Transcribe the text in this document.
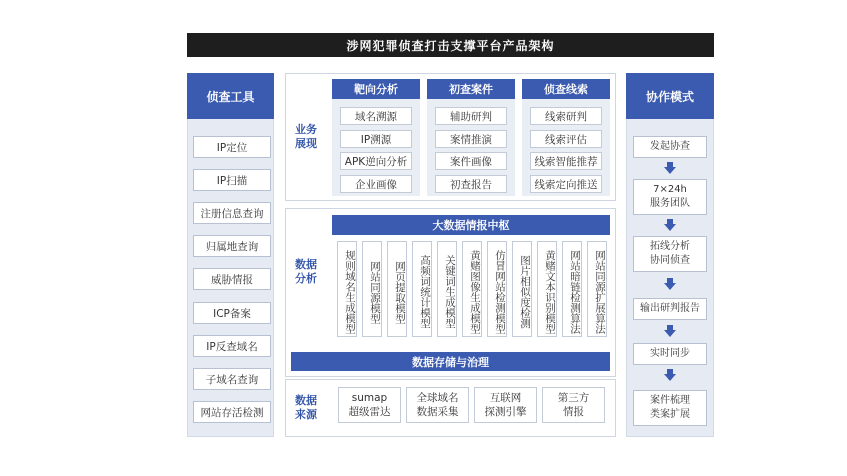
涉网犯罪侦查打击支撑平台产品架构
侦查工具
IP定位
IP扫描
注册信息查询
归属地查询
威胁情报
ICP备案
IP反查域名
子域名查询
网站存活检测
协作模式
发起协查
7×24h
服务团队
拓线分析
协同侦查
输出研判报告
实时同步
案件梳理
类案扩展
业务
展现
靶向分析
域名溯源
IP溯源
APK逆向分析
企业画像
初查案件
辅助研判
案情推演
案件画像
初查报告
侦查线索
线索研判
线索评估
线索智能推荐
线索定向推送
数据
分析
大数据情报中枢
规则域名生成模型	网站同源模型	网页提取模型	高频词统计模型	关键词生成模型	黄赌图像生成模型	仿冒网站检测模型	图片相似度检测	黄赌文本识别模型	网站暗链检测算法	网站同源扩展算法
数据存储与治理
数据
来源
sumap
超级雷达
全球域名
数据采集
互联网
探测引擎
第三方
情报
